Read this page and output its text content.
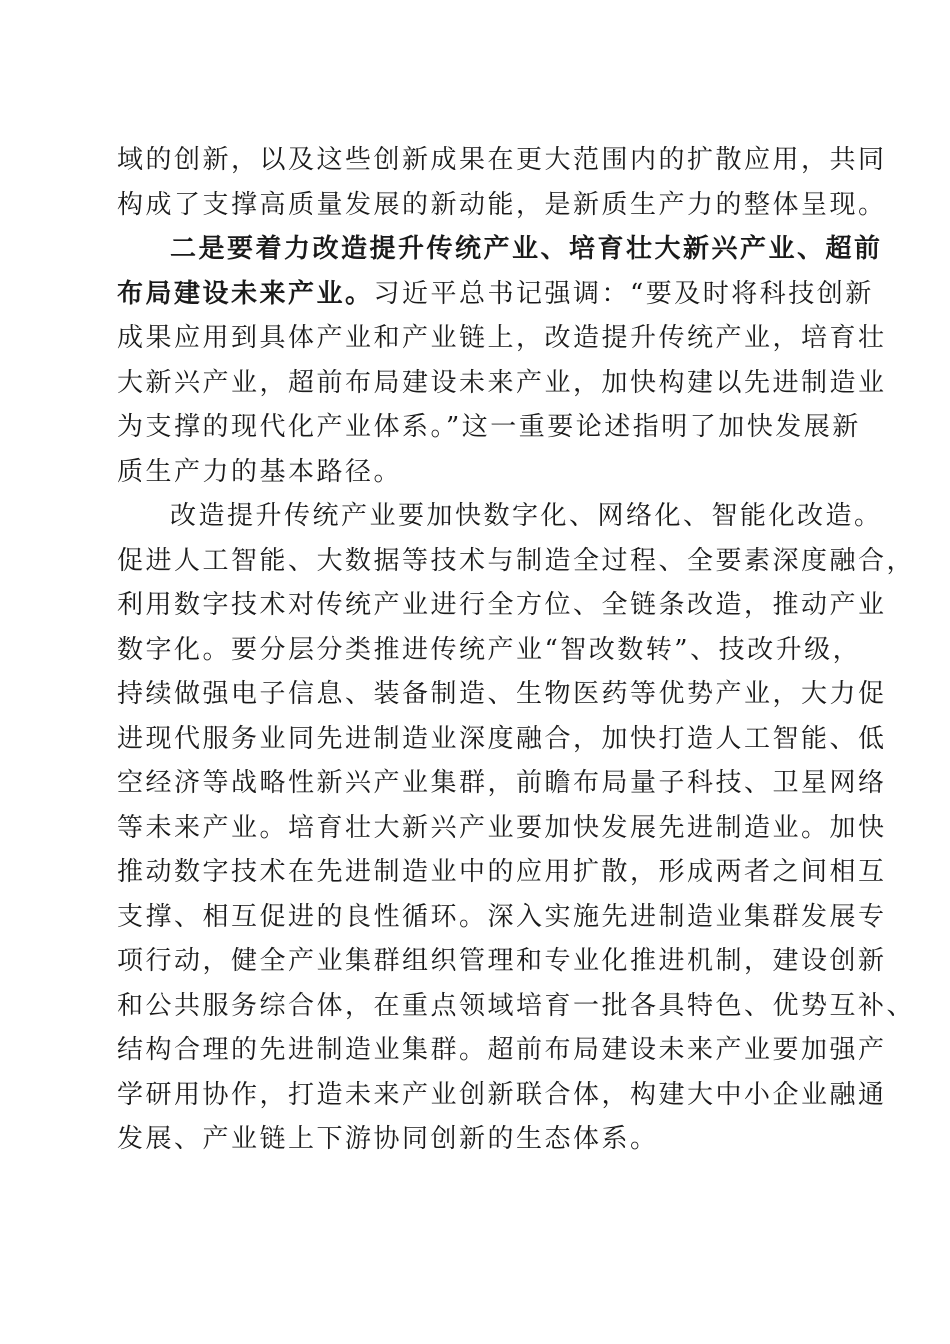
域的创新，以及这些创新成果在更大范围内的扩散应用，共同
构成了支撑高质量发展的新动能，是新质生产力的整体呈现。
二是要着力改造提升传统产业、培育壮大新兴产业、超前
布局建设未来产业。习近平总书记强调：“要及时将科技创新
成果应用到具体产业和产业链上，改造提升传统产业，培育壮
大新兴产业，超前布局建设未来产业，加快构建以先进制造业
为支撑的现代化产业体系。”这一重要论述指明了加快发展新
质生产力的基本路径。
改造提升传统产业要加快数字化、网络化、智能化改造。
促进人工智能、大数据等技术与制造全过程、全要素深度融合，
利用数字技术对传统产业进行全方位、全链条改造，推动产业
数字化。要分层分类推进传统产业“智改数转”、技改升级，
持续做强电子信息、装备制造、生物医药等优势产业，大力促
进现代服务业同先进制造业深度融合，加快打造人工智能、低
空经济等战略性新兴产业集群，前瞻布局量子科技、卫星网络
等未来产业。培育壮大新兴产业要加快发展先进制造业。加快
推动数字技术在先进制造业中的应用扩散，形成两者之间相互
支撑、相互促进的良性循环。深入实施先进制造业集群发展专
项行动，健全产业集群组织管理和专业化推进机制，建设创新
和公共服务综合体，在重点领域培育一批各具特色、优势互补、
结构合理的先进制造业集群。超前布局建设未来产业要加强产
学研用协作，打造未来产业创新联合体，构建大中小企业融通
发展、产业链上下游协同创新的生态体系。
